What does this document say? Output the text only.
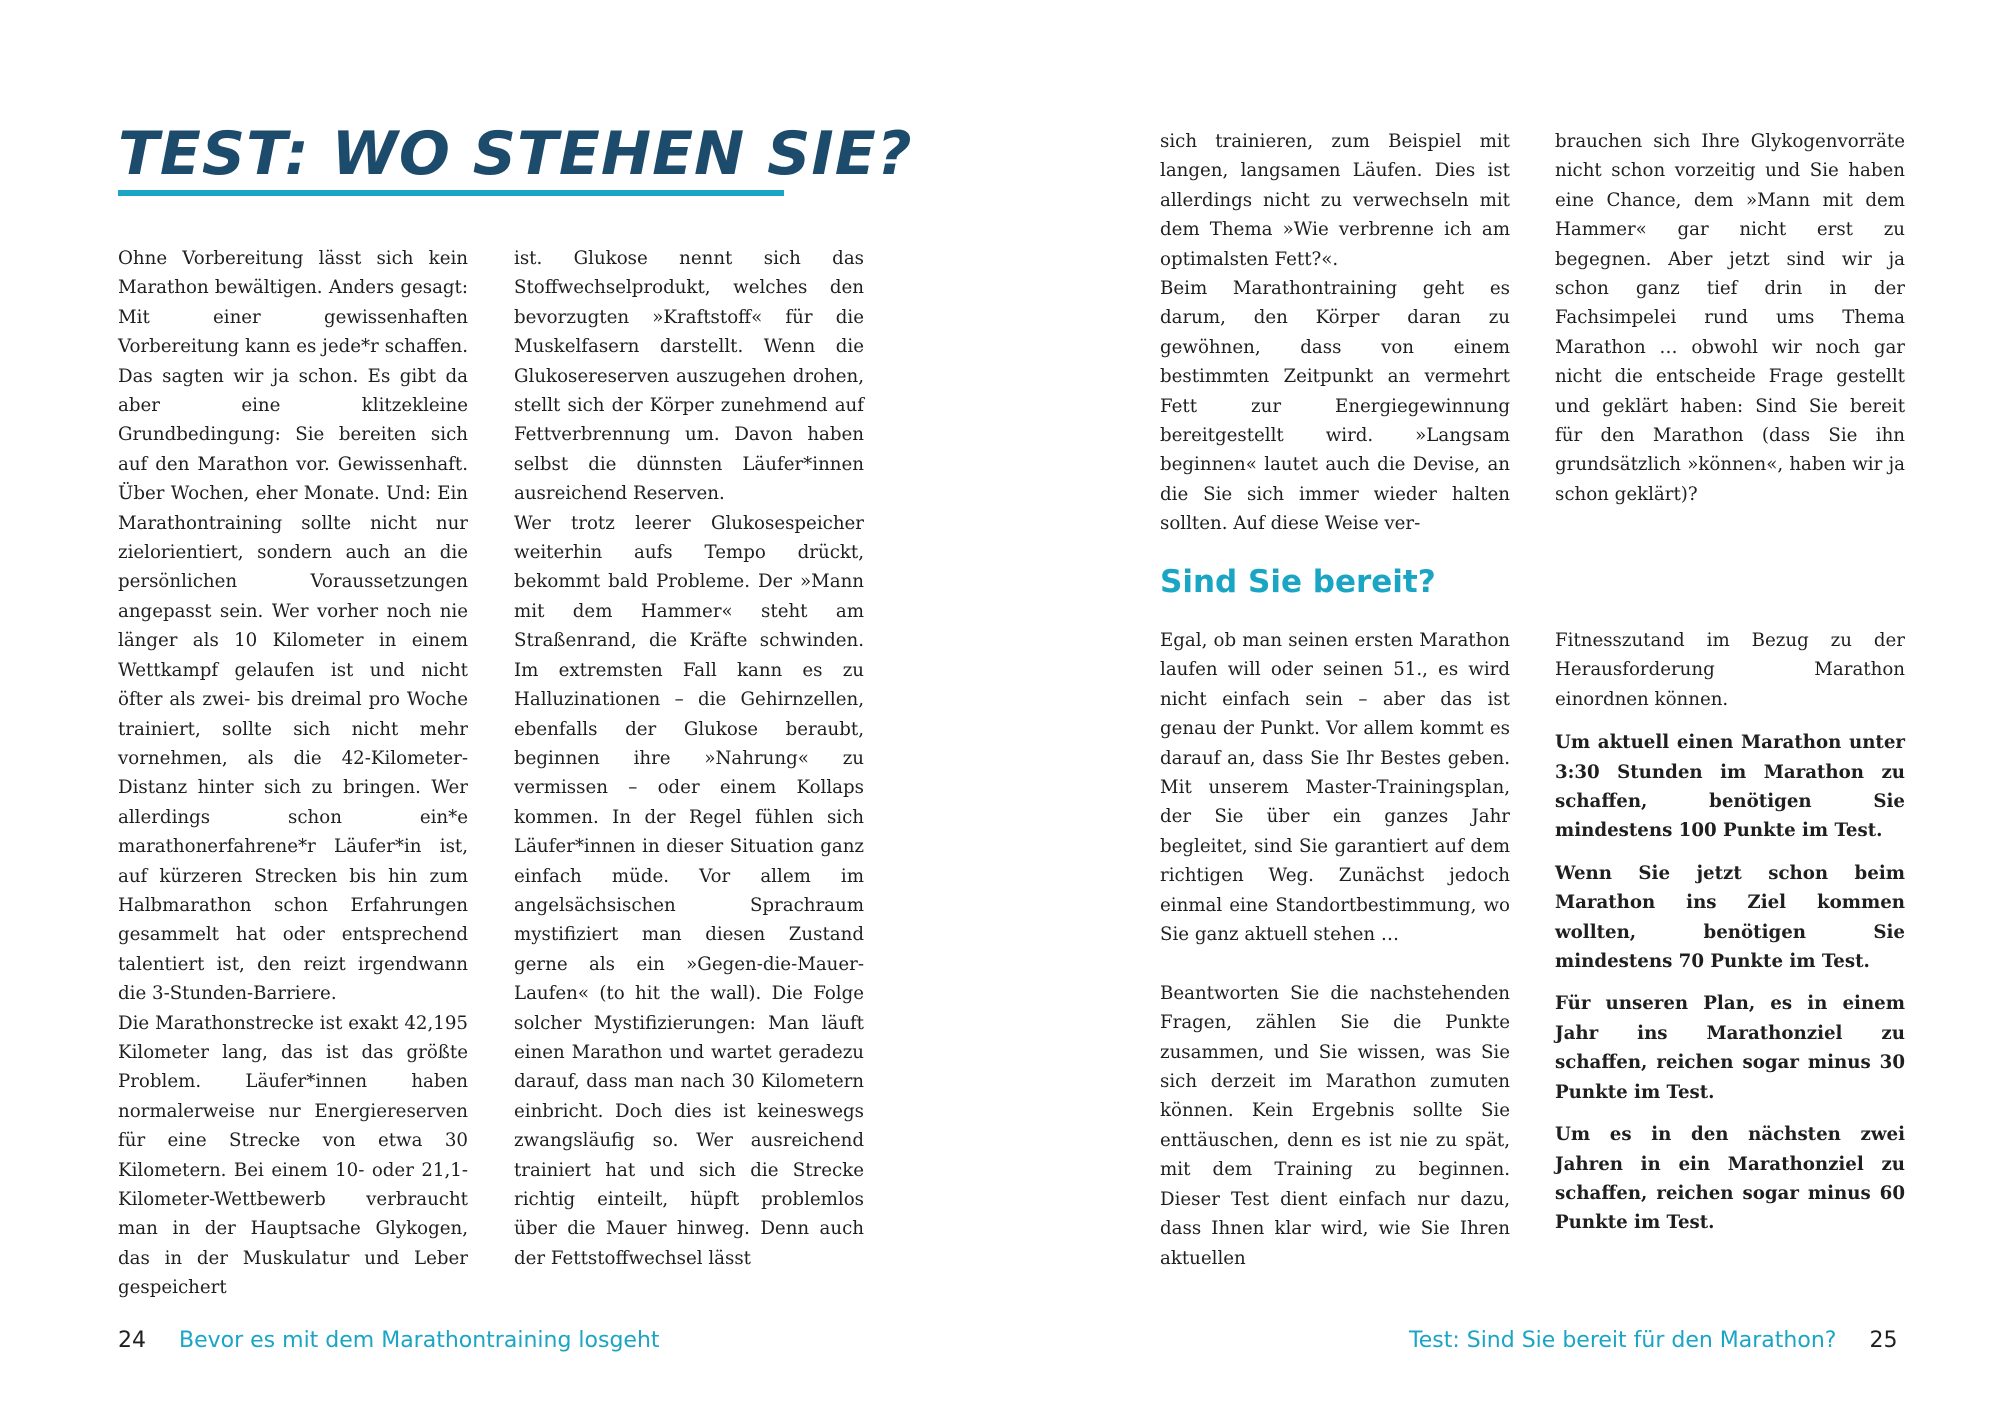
TEST: WO STEHEN SIE?

Ohne Vorbereitung lässt sich kein Marathon bewältigen. Anders gesagt: Mit einer gewissenhaften Vorbereitung kann es jede*r schaffen. Das sagten wir ja schon. Es gibt da aber eine klitzekleine Grundbedingung: Sie bereiten sich auf den Marathon vor. Gewissenhaft. Über Wochen, eher Monate. Und: Ein Marathontraining sollte nicht nur zielorientiert, sondern auch an die persönlichen Voraussetzungen angepasst sein. Wer vorher noch nie länger als 10 Kilometer in einem Wettkampf gelaufen ist und nicht öfter als zwei- bis dreimal pro Woche trainiert, sollte sich nicht mehr vornehmen, als die 42-Kilometer-Distanz hinter sich zu bringen. Wer allerdings schon ein*e marathonerfahrene*r Läufer*in ist, auf kürzeren Strecken bis hin zum Halbmarathon schon Erfahrungen gesammelt hat oder entsprechend talentiert ist, den reizt irgendwann die 3-Stunden-Barriere.

Die Marathonstrecke ist exakt 42,195 Kilometer lang, das ist das größte Problem. Läufer*innen haben normalerweise nur Energiereserven für eine Strecke von etwa 30 Kilometern. Bei einem 10- oder 21,1-Kilometer-Wettbewerb verbraucht man in der Hauptsache Glykogen, das in der Muskulatur und Leber gespeichert

ist. Glukose nennt sich das Stoffwechselprodukt, welches den bevorzugten »Kraftstoff« für die Muskelfasern darstellt. Wenn die Glukosereserven auszugehen drohen, stellt sich der Körper zunehmend auf Fettverbrennung um. Davon haben selbst die dünnsten Läufer*innen ausreichend Reserven.

Wer trotz leerer Glukosespeicher weiterhin aufs Tempo drückt, bekommt bald Probleme. Der »Mann mit dem Hammer« steht am Straßenrand, die Kräfte schwinden. Im extremsten Fall kann es zu Halluzinationen – die Gehirnzellen, ebenfalls der Glukose beraubt, beginnen ihre »Nahrung« zu vermissen – oder einem Kollaps kommen. In der Regel fühlen sich Läufer*innen in dieser Situation ganz einfach müde. Vor allem im angelsächsischen Sprachraum mystifiziert man diesen Zustand gerne als ein »Gegen-die-Mauer-Laufen« (to hit the wall). Die Folge solcher Mystifizierungen: Man läuft einen Marathon und wartet geradezu darauf, dass man nach 30 Kilometern einbricht. Doch dies ist keineswegs zwangsläufig so. Wer ausreichend trainiert hat und sich die Strecke richtig einteilt, hüpft problemlos über die Mauer hinweg. Denn auch der Fettstoffwechsel lässt

24 Bevor es mit dem Marathontraining losgeht

sich trainieren, zum Beispiel mit langen, langsamen Läufen. Dies ist allerdings nicht zu verwechseln mit dem Thema »Wie verbrenne ich am optimalsten Fett?«.

Beim Marathontraining geht es darum, den Körper daran zu gewöhnen, dass von einem bestimmten Zeitpunkt an vermehrt Fett zur Energiegewinnung bereitgestellt wird. »Langsam beginnen« lautet auch die Devise, an die Sie sich immer wieder halten sollten. Auf diese Weise ver-

brauchen sich Ihre Glykogenvorräte nicht schon vorzeitig und Sie haben eine Chance, dem »Mann mit dem Hammer« gar nicht erst zu begegnen. Aber jetzt sind wir ja schon ganz tief drin in der Fachsimpelei rund ums Thema Marathon … obwohl wir noch gar nicht die entscheide Frage gestellt und geklärt haben: Sind Sie bereit für den Marathon (dass Sie ihn grundsätzlich »können«, haben wir ja schon geklärt)?

Sind Sie bereit?

Egal, ob man seinen ersten Marathon laufen will oder seinen 51., es wird nicht einfach sein – aber das ist genau der Punkt. Vor allem kommt es darauf an, dass Sie Ihr Bestes geben. Mit unserem Master-Trainingsplan, der Sie über ein ganzes Jahr begleitet, sind Sie garantiert auf dem richtigen Weg. Zunächst jedoch einmal eine Standortbestimmung, wo Sie ganz aktuell stehen …

Beantworten Sie die nachstehenden Fragen, zählen Sie die Punkte zusammen, und Sie wissen, was Sie sich derzeit im Marathon zumuten können. Kein Ergebnis sollte Sie enttäuschen, denn es ist nie zu spät, mit dem Training zu beginnen. Dieser Test dient einfach nur dazu, dass Ihnen klar wird, wie Sie Ihren aktuellen

Fitnesszutand im Bezug zu der Herausforderung Marathon einordnen können.

Um aktuell einen Marathon unter 3:30 Stunden im Marathon zu schaffen, benötigen Sie mindestens 100 Punkte im Test.

Wenn Sie jetzt schon beim Marathon ins Ziel kommen wollten, benötigen Sie mindestens 70 Punkte im Test.

Für unseren Plan, es in einem Jahr ins Marathonziel zu schaffen, reichen sogar minus 30 Punkte im Test.

Um es in den nächsten zwei Jahren in ein Marathonziel zu schaffen, reichen sogar minus 60 Punkte im Test.

Test: Sind Sie bereit für den Marathon? 25
